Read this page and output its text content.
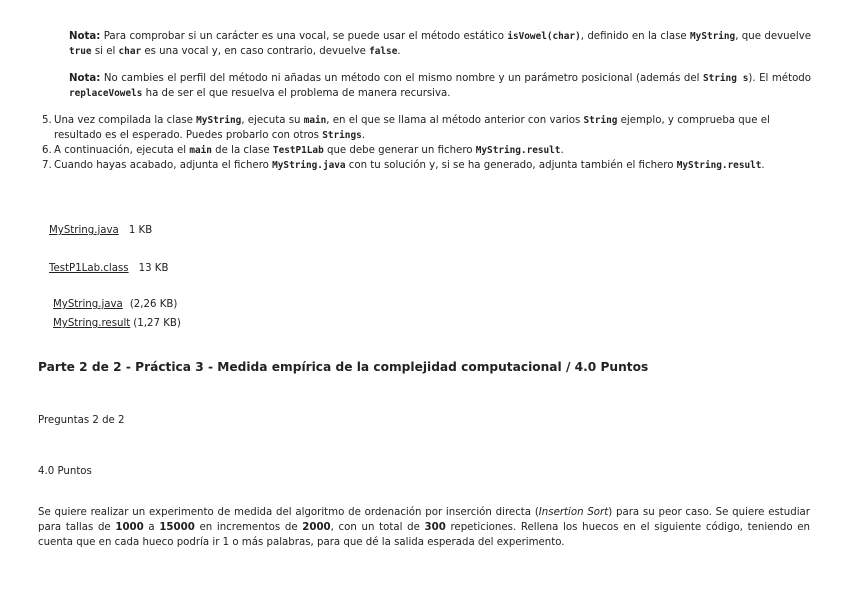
Nota: Para comprobar si un carácter es una vocal, se puede usar el método estático isVowel(char), definido en la clase MyString, que devuelve true si el char es una vocal y, en caso contrario, devuelve false.
Nota: No cambies el perfil del método ni añadas un método con el mismo nombre y un parámetro posicional (además del String s). El método replaceVowels ha de ser el que resuelva el problema de manera recursiva.
5. Una vez compilada la clase MyString, ejecuta su main, en el que se llama al método anterior con varios String ejemplo, y comprueba que el resultado es el esperado. Puedes probarlo con otros Strings.
6. A continuación, ejecuta el main de la clase TestP1Lab que debe generar un fichero MyString.result.
7. Cuando hayas acabado, adjunta el fichero MyString.java con tu solución y, si se ha generado, adjunta también el fichero MyString.result.
MyString.java 1 KB
TestP1Lab.class 13 KB
MyString.java (2,26 KB)
MyString.result (1,27 KB)
Parte 2 de 2 - Práctica 3 - Medida empírica de la complejidad computacional / 4.0 Puntos
Preguntas 2 de 2
4.0 Puntos
Se quiere realizar un experimento de medida del algoritmo de ordenación por inserción directa (Insertion Sort) para su peor caso. Se quiere estudiar para tallas de 1000 a 15000 en incrementos de 2000, con un total de 300 repeticiones. Rellena los huecos en el siguiente código, teniendo en cuenta que en cada hueco podría ir 1 o más palabras, para que dé la salida esperada del experimento.
